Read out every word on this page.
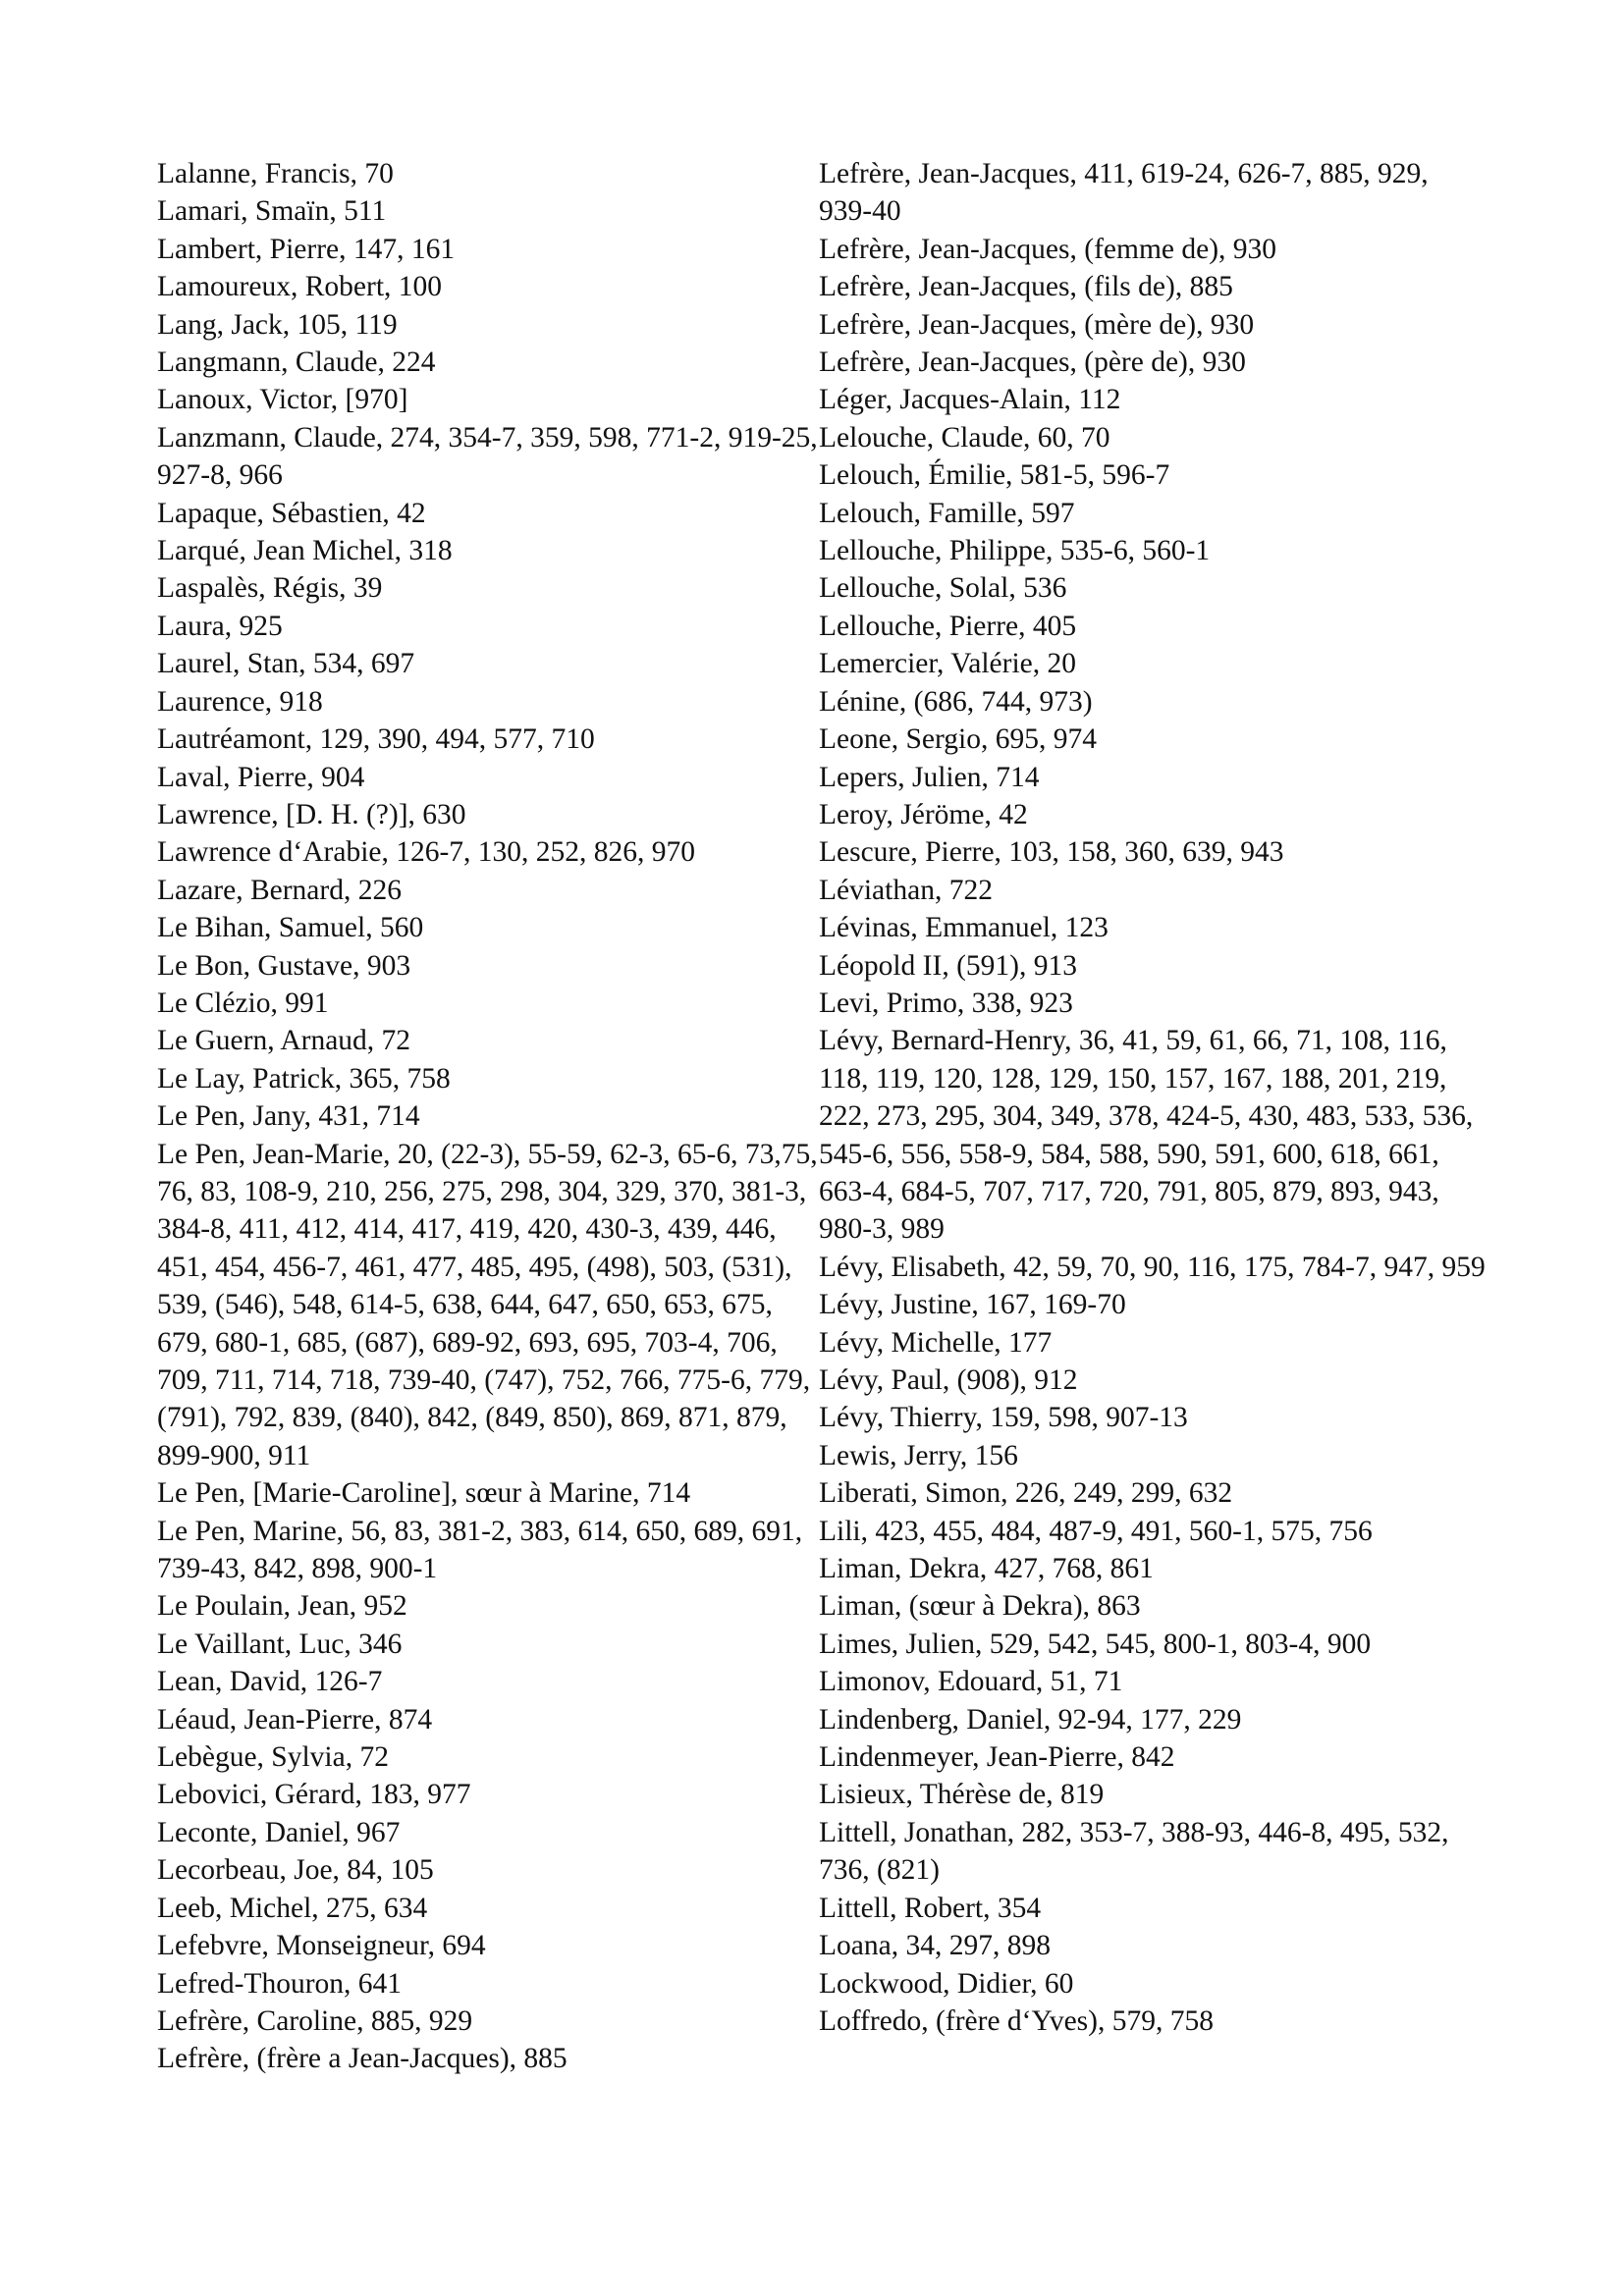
Lalanne, Francis, 70
Lamari, Smaïn, 511
Lambert, Pierre, 147, 161
Lamoureux, Robert, 100
Lang, Jack, 105, 119
Langmann, Claude, 224
Lanoux, Victor, [970]
Lanzmann, Claude, 274, 354-7, 359, 598, 771-2, 919-25, 927-8, 966
Lapaque, Sébastien, 42
Larqué, Jean Michel, 318
Laspalès, Régis, 39
Laura, 925
Laurel, Stan, 534, 697
Laurence, 918
Lautréamont, 129, 390, 494, 577, 710
Laval, Pierre, 904
Lawrence, [D. H. (?)], 630
Lawrence d‘Arabie, 126-7, 130, 252, 826, 970
Lazare, Bernard, 226
Le Bihan, Samuel, 560
Le Bon, Gustave, 903
Le Clézio, 991
Le Guern, Arnaud, 72
Le Lay, Patrick, 365, 758
Le Pen, Jany, 431, 714
Le Pen, Jean-Marie, 20, (22-3), 55-59, 62-3, 65-6, 73,75, 76, 83, 108-9, 210, 256, 275, 298, 304, 329, 370, 381-3, 384-8, 411, 412, 414, 417, 419, 420, 430-3, 439, 446, 451, 454, 456-7, 461, 477, 485, 495, (498), 503, (531), 539, (546), 548, 614-5, 638, 644, 647, 650, 653, 675, 679, 680-1, 685, (687), 689-92, 693, 695, 703-4, 706, 709, 711, 714, 718, 739-40, (747), 752, 766, 775-6, 779, (791), 792, 839, (840), 842, (849, 850), 869, 871, 879, 899-900, 911
Le Pen, [Marie-Caroline], sœur à Marine, 714
Le Pen, Marine, 56, 83, 381-2, 383, 614, 650, 689, 691, 739-43, 842, 898, 900-1
Le Poulain, Jean, 952
Le Vaillant, Luc, 346
Lean, David, 126-7
Léaud, Jean-Pierre, 874
Lebègue, Sylvia, 72
Lebovici, Gérard, 183, 977
Leconte, Daniel, 967
Lecorbeau, Joe, 84, 105
Leeb, Michel, 275, 634
Lefebvre, Monseigneur, 694
Lefred-Thouron, 641
Lefrère, Caroline, 885, 929
Lefrère, (frère a Jean-Jacques), 885
Lefrère, Jean-Jacques, 411, 619-24, 626-7, 885, 929, 939-40
Lefrère, Jean-Jacques, (femme de), 930
Lefrère, Jean-Jacques, (fils de), 885
Lefrère, Jean-Jacques, (mère de), 930
Lefrère, Jean-Jacques, (père de), 930
Léger, Jacques-Alain, 112
Lelouche, Claude, 60, 70
Lelouch, Émilie, 581-5, 596-7
Lelouch, Famille, 597
Lellouche, Philippe, 535-6, 560-1
Lellouche, Solal, 536
Lellouche, Pierre, 405
Lemercier, Valérie, 20
Lénine, (686, 744, 973)
Leone, Sergio, 695, 974
Lepers, Julien, 714
Leroy, Jéröme, 42
Lescure, Pierre, 103, 158, 360, 639, 943
Léviathan, 722
Lévinas, Emmanuel, 123
Léopold II, (591), 913
Levi, Primo, 338, 923
Lévy, Bernard-Henry, 36, 41, 59, 61, 66, 71, 108, 116, 118, 119, 120, 128, 129, 150, 157, 167, 188, 201, 219, 222, 273, 295, 304, 349, 378, 424-5, 430, 483, 533, 536, 545-6, 556, 558-9, 584, 588, 590, 591, 600, 618, 661, 663-4, 684-5, 707, 717, 720, 791, 805, 879, 893, 943, 980-3, 989
Lévy, Elisabeth, 42, 59, 70, 90, 116, 175, 784-7, 947, 959
Lévy, Justine, 167, 169-70
Lévy, Michelle, 177
Lévy, Paul, (908), 912
Lévy, Thierry, 159, 598, 907-13
Lewis, Jerry, 156
Liberati, Simon, 226, 249, 299, 632
Lili, 423, 455, 484, 487-9, 491, 560-1, 575, 756
Liman, Dekra, 427, 768, 861
Liman, (sœur à Dekra), 863
Limes, Julien, 529, 542, 545, 800-1, 803-4, 900
Limonov, Edouard, 51, 71
Lindenberg, Daniel, 92-94, 177, 229
Lindenmeyer, Jean-Pierre, 842
Lisieux, Thérèse de, 819
Littell, Jonathan, 282, 353-7, 388-93, 446-8, 495, 532, 736, (821)
Littell, Robert, 354
Loana, 34, 297, 898
Lockwood, Didier, 60
Loffredo, (frère d‘Yves), 579, 758
